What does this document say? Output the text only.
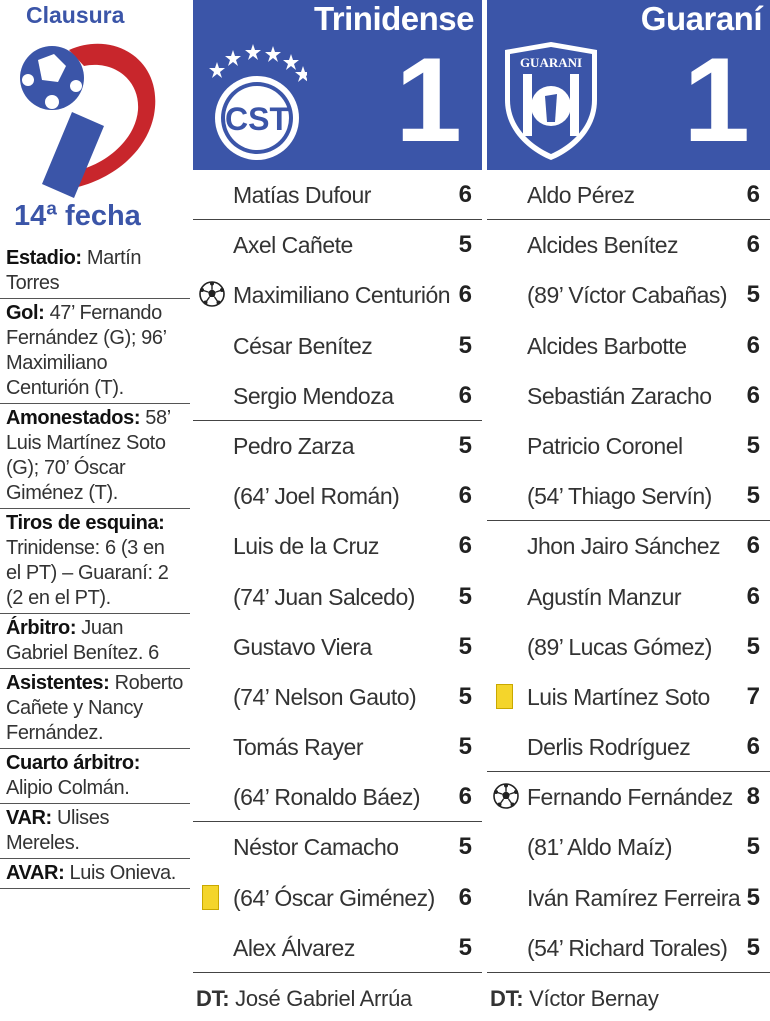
Clausura
14ª fecha
Estadio: Martín Torres
Gol: 47’ Fernando Fernández (G); 96’ Maximiliano Centurión (T).
Amonestados: 58’ Luis Martínez Soto (G); 70’ Óscar Giménez (T).
Tiros de esquina: Trinidense: 6 (3 en el PT) – Guaraní: 2 (2 en el PT).
Árbitro: Juan Gabriel Benítez. 6
Asistentes: Roberto Cañete y Nancy Fernández.
Cuarto árbitro: Alipio Colmán.
VAR: Ulises Mereles.
AVAR: Luis Onieva.
Trinidense
CST 1
Matías Dufour	6
Axel Cañete	5
Maximiliano Centurión 6
César Benítez	5
Sergio Mendoza	6
Pedro Zarza	5
(64’ Joel Román) 6
Luis de la Cruz	6
(74’ Juan Salcedo) 5
Gustavo Viera	5
(74’ Nelson Gauto) 5
Tomás Rayer	5
(64’ Ronaldo Báez) 6
Néstor Camacho	5
(64’ Óscar Giménez) 6
Alex Álvarez	5
Guaraní
GUARANI 1
Aldo Pérez	6
Alcides Benítez	6
(89’ Víctor Cabañas) 5
Alcides Barbotte	6
Sebastián Zaracho 6
Patricio Coronel	5
(54’ Thiago Servín) 5
Jhon Jairo Sánchez 6
Agustín Manzur	6
(89’ Lucas Gómez) 5
Luis Martínez Soto 7
Derlis Rodríguez 6
Fernando Fernández 8
(81’ Aldo Maíz)	5
Iván Ramírez Ferreira 5
(54’ Richard Torales) 5
DT: José Gabriel Arrúa	DT: Víctor Bernay
